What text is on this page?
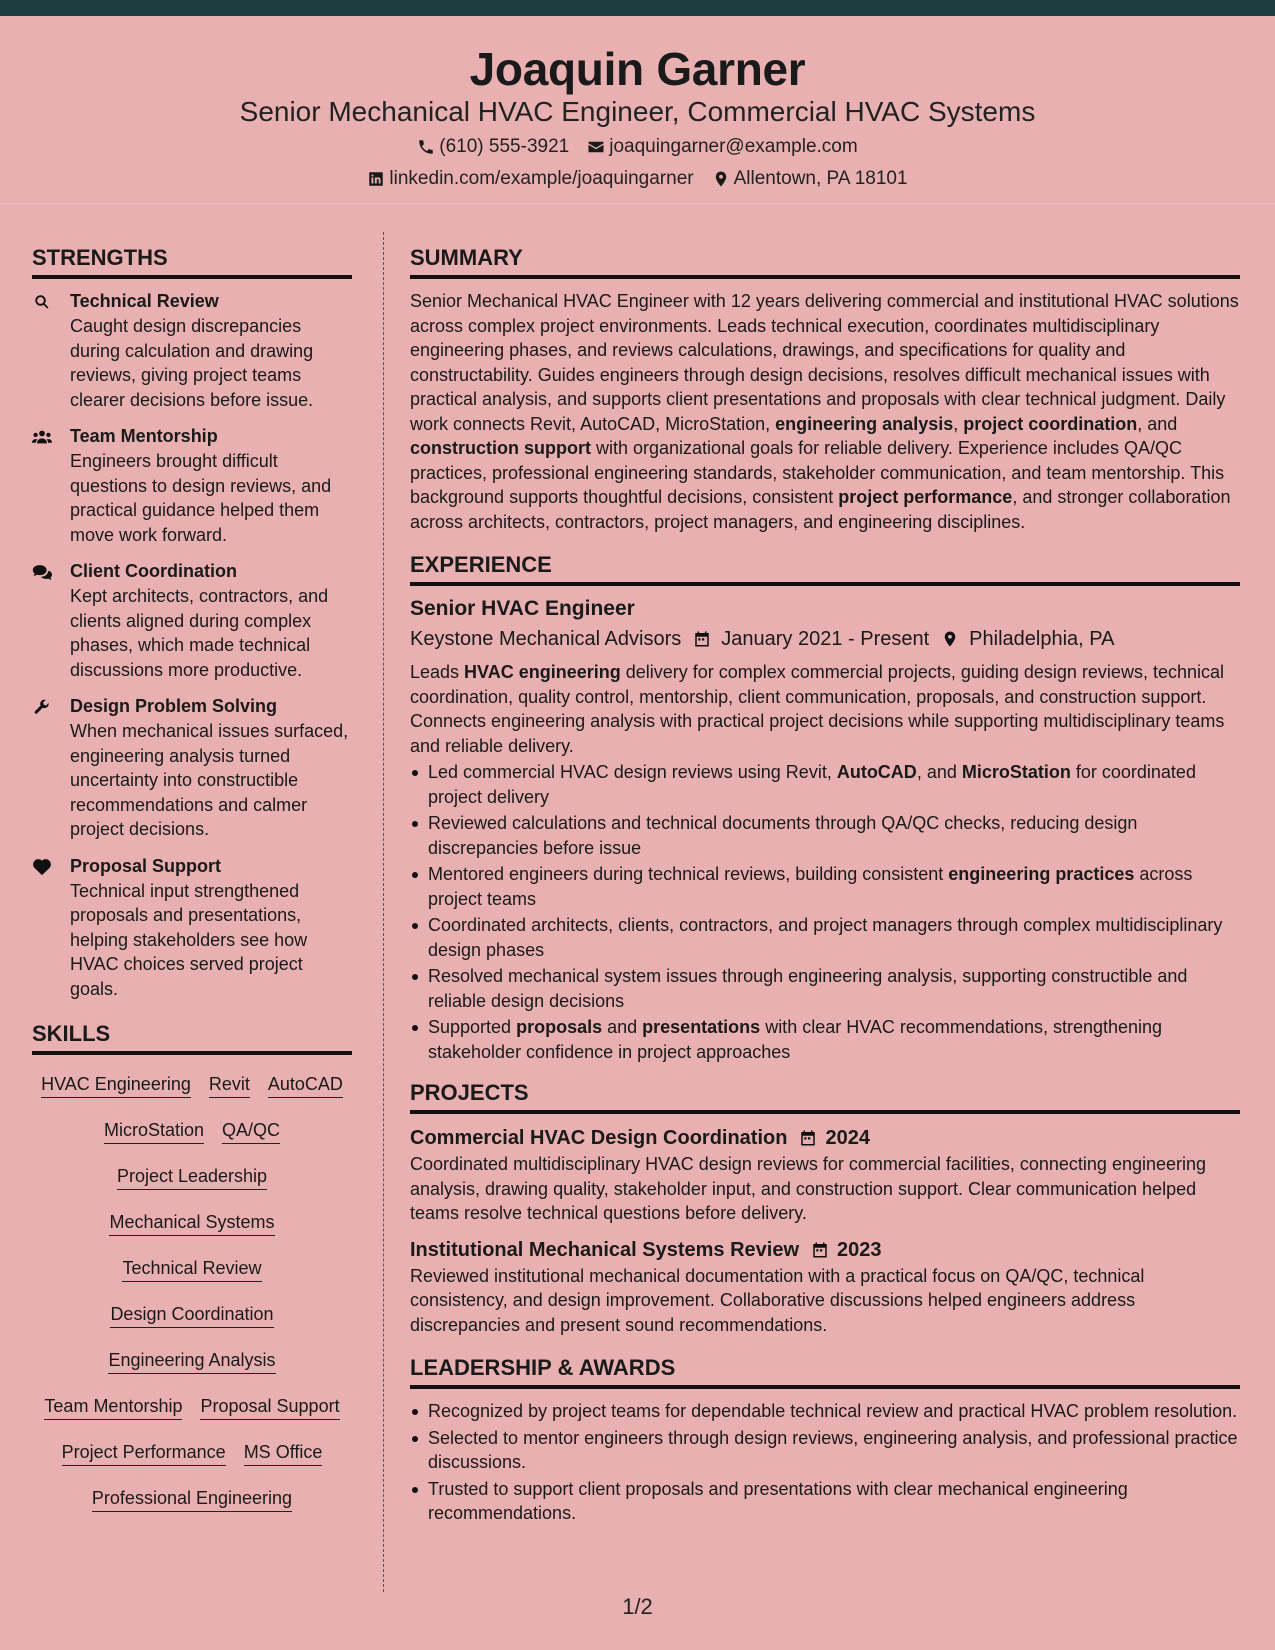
Joaquin Garner
Senior Mechanical HVAC Engineer, Commercial HVAC Systems
(610) 555-3921 joaquingarner@example.com
linkedin.com/example/joaquingarner Allentown, PA 18101
STRENGTHS
Technical Review
Caught design discrepancies during calculation and drawing reviews, giving project teams clearer decisions before issue.
Team Mentorship
Engineers brought difficult questions to design reviews, and practical guidance helped them move work forward.
Client Coordination
Kept architects, contractors, and clients aligned during complex phases, which made technical discussions more productive.
Design Problem Solving
When mechanical issues surfaced, engineering analysis turned uncertainty into constructible recommendations and calmer project decisions.
Proposal Support
Technical input strengthened proposals and presentations, helping stakeholders see how HVAC choices served project goals.
SKILLS
HVAC Engineering Revit AutoCAD
MicroStation QA/QC
Project Leadership
Mechanical Systems
Technical Review
Design Coordination
Engineering Analysis
Team Mentorship Proposal Support
Project Performance MS Office
Professional Engineering
SUMMARY
Senior Mechanical HVAC Engineer with 12 years delivering commercial and institutional HVAC solutions across complex project environments. Leads technical execution, coordinates multidisciplinary engineering phases, and reviews calculations, drawings, and specifications for quality and constructability. Guides engineers through design decisions, resolves difficult mechanical issues with practical analysis, and supports client presentations and proposals with clear technical judgment. Daily work connects Revit, AutoCAD, MicroStation, engineering analysis, project coordination, and construction support with organizational goals for reliable delivery. Experience includes QA/QC practices, professional engineering standards, stakeholder communication, and team mentorship. This background supports thoughtful decisions, consistent project performance, and stronger collaboration across architects, contractors, project managers, and engineering disciplines.
EXPERIENCE
Senior HVAC Engineer
Keystone Mechanical Advisors January 2021 - Present Philadelphia, PA
Leads HVAC engineering delivery for complex commercial projects, guiding design reviews, technical coordination, quality control, mentorship, client communication, proposals, and construction support. Connects engineering analysis with practical project decisions while supporting multidisciplinary teams and reliable delivery.
Led commercial HVAC design reviews using Revit, AutoCAD, and MicroStation for coordinated project delivery
Reviewed calculations and technical documents through QA/QC checks, reducing design discrepancies before issue
Mentored engineers during technical reviews, building consistent engineering practices across project teams
Coordinated architects, clients, contractors, and project managers through complex multidisciplinary design phases
Resolved mechanical system issues through engineering analysis, supporting constructible and reliable design decisions
Supported proposals and presentations with clear HVAC recommendations, strengthening stakeholder confidence in project approaches
PROJECTS
Commercial HVAC Design Coordination 2024
Coordinated multidisciplinary HVAC design reviews for commercial facilities, connecting engineering analysis, drawing quality, stakeholder input, and construction support. Clear communication helped teams resolve technical questions before delivery.
Institutional Mechanical Systems Review 2023
Reviewed institutional mechanical documentation with a practical focus on QA/QC, technical consistency, and design improvement. Collaborative discussions helped engineers address discrepancies and present sound recommendations.
LEADERSHIP & AWARDS
Recognized by project teams for dependable technical review and practical HVAC problem resolution.
Selected to mentor engineers through design reviews, engineering analysis, and professional practice discussions.
Trusted to support client proposals and presentations with clear mechanical engineering recommendations.
1/2
